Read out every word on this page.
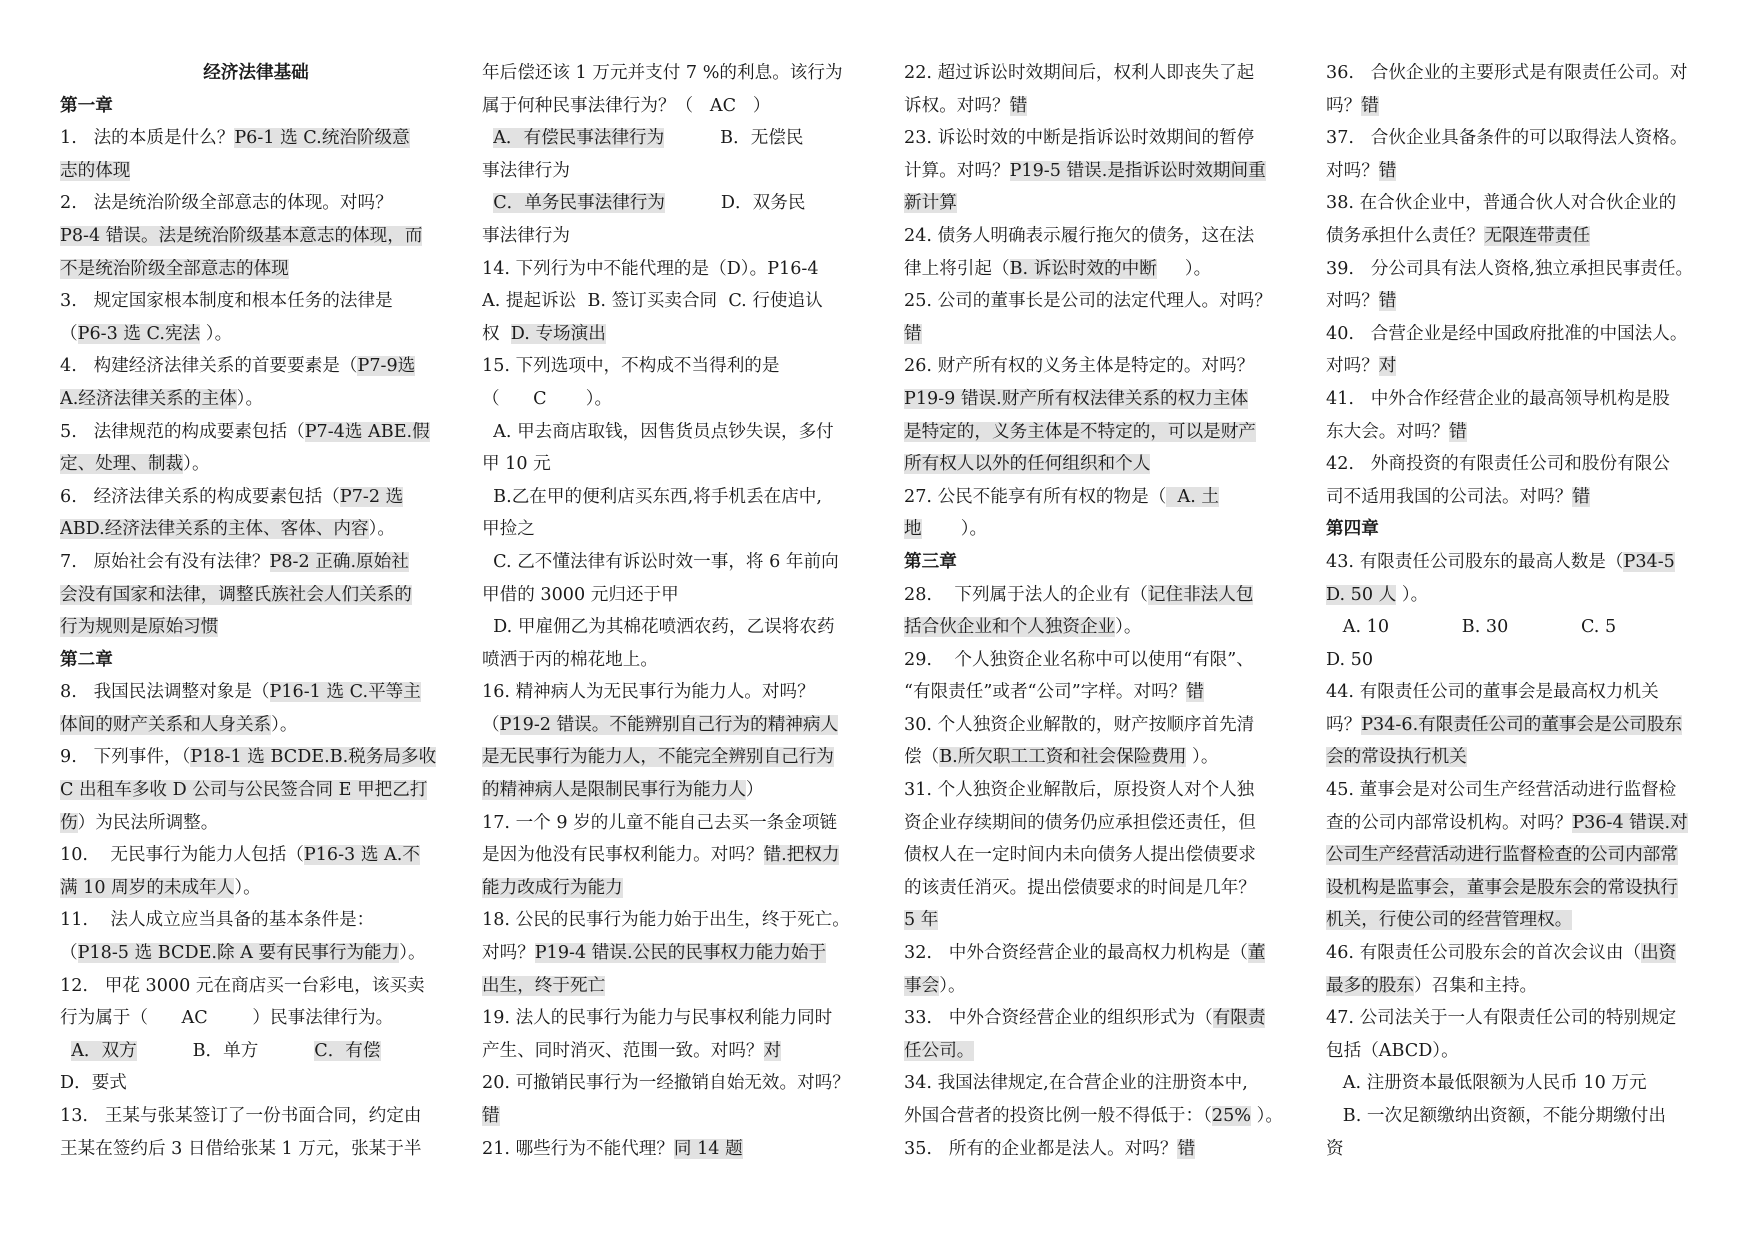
经济法律基础
第一章
1.   法的本质是什么？P6-1 选 C.统治阶级意
志的体现
2.   法是统治阶级全部意志的体现。对吗？
P8-4 错误。法是统治阶级基本意志的体现，而
不是统治阶级全部意志的体现
3.   规定国家根本制度和根本任务的法律是
（P6-3 选 C.宪法 ）。
4.   构建经济法律关系的首要要素是（P7-9选
A.经济法律关系的主体）。
5.   法律规范的构成要素包括（P7-4选 ABE.假
定、处理、制裁）。
6.   经济法律关系的构成要素包括（P7-2 选
ABD.经济法律关系的主体、客体、内容）。
7.   原始社会有没有法律？P8-2 正确.原始社
会没有国家和法律，调整氏族社会人们关系的
行为规则是原始习惯
第二章
8.   我国民法调整对象是（P16-1 选 C.平等主
体间的财产关系和人身关系）。
9.   下列事件，（P18-1 选 BCDE.B.税务局多收
C 出租车多收 D 公司与公民签合同 E 甲把乙打
伤）为民法所调整。
10.    无民事行为能力人包括（P16-3 选 A.不
满 10 周岁的未成年人）。
11.    法人成立应当具备的基本条件是：
（P18-5 选 BCDE.除 A 要有民事行为能力）。
12.   甲花 3000 元在商店买一台彩电，该买卖
行为属于（      AC        ）民事法律行为。
A．双方          B．单方          C．有偿
D．要式
13.   王某与张某签订了一份书面合同，约定由
王某在签约后 3 日借给张某 1 万元，张某于半
年后偿还该 1 万元并支付 7 %的利息。该行为
属于何种民事法律行为？（   AC   ）
A．有偿民事法律行为          B．无偿民
事法律行为
C．单务民事法律行为          D．双务民
事法律行为
14. 下列行为中不能代理的是（D）。P16-4
A. 提起诉讼  B. 签订买卖合同  C. 行使追认
权  D. 专场演出
15. 下列选项中，不构成不当得利的是
（      C       ）。
A. 甲去商店取钱，因售货员点钞失误，多付
甲 10 元
B.乙在甲的便利店买东西,将手机丢在店中,
甲捡之
C. 乙不懂法律有诉讼时效一事，将 6 年前向
甲借的 3000 元归还于甲
D. 甲雇佣乙为其棉花喷洒农药，乙误将农药
喷洒于丙的棉花地上。
16. 精神病人为无民事行为能力人。对吗？
（P19-2 错误。不能辨别自己行为的精神病人
是无民事行为能力人，不能完全辨别自己行为
的精神病人是限制民事行为能力人）
17. 一个 9 岁的儿童不能自己去买一条金项链
是因为他没有民事权利能力。对吗？错.把权力
能力改成行为能力
18. 公民的民事行为能力始于出生，终于死亡。
对吗？P19-4 错误.公民的民事权力能力始于
出生，终于死亡
19. 法人的民事行为能力与民事权利能力同时
产生、同时消灭、范围一致。对吗？对
20. 可撤销民事行为一经撤销自始无效。对吗？
错
21. 哪些行为不能代理？同 14 题
22. 超过诉讼时效期间后，权利人即丧失了起
诉权。对吗？错
23. 诉讼时效的中断是指诉讼时效期间的暂停
计算。对吗？P19-5 错误.是指诉讼时效期间重
新计算
24. 债务人明确表示履行拖欠的债务，这在法
律上将引起（B. 诉讼时效的中断     ）。
25. 公司的董事长是公司的法定代理人。对吗？
错
26. 财产所有权的义务主体是特定的。对吗？
P19-9 错误.财产所有权法律关系的权力主体
是特定的，义务主体是不特定的，可以是财产
所有权人以外的任何组织和个人
27. 公民不能享有所有权的物是（  A. 土
地       ）。
第三章
28.    下列属于法人的企业有（记住非法人包
括合伙企业和个人独资企业）。
29.    个人独资企业名称中可以使用“有限”、
“有限责任”或者“公司”字样。对吗？错
30. 个人独资企业解散的，财产按顺序首先清
偿（B.所欠职工工资和社会保险费用 ）。
31. 个人独资企业解散后，原投资人对个人独
资企业存续期间的债务仍应承担偿还责任，但
债权人在一定时间内未向债务人提出偿债要求
的该责任消灭。提出偿债要求的时间是几年？
5 年
32.   中外合资经营企业的最高权力机构是（董
事会）。
33.   中外合资经营企业的组织形式为（有限责
任公司。
34. 我国法律规定,在合营企业的注册资本中,
外国合营者的投资比例一般不得低于：（25% ）。
35.   所有的企业都是法人。对吗？错
36.   合伙企业的主要形式是有限责任公司。对
吗？错
37.   合伙企业具备条件的可以取得法人资格。
对吗？错
38. 在合伙企业中，普通合伙人对合伙企业的
债务承担什么责任？无限连带责任
39.   分公司具有法人资格,独立承担民事责任。
对吗？错
40.   合营企业是经中国政府批准的中国法人。
对吗？对
41.   中外合作经营企业的最高领导机构是股
东大会。对吗？错
42.   外商投资的有限责任公司和股份有限公
司不适用我国的公司法。对吗？错
第四章
43. 有限责任公司股东的最高人数是（P34-5
D. 50 人 ）。
A. 10             B. 30             C. 5
D. 50
44. 有限责任公司的董事会是最高权力机关
吗？P34-6.有限责任公司的董事会是公司股东
会的常设执行机关
45. 董事会是对公司生产经营活动进行监督检
查的公司内部常设机构。对吗？P36-4 错误.对
公司生产经营活动进行监督检查的公司内部常
设机构是监事会，董事会是股东会的常设执行
机关，行使公司的经营管理权。
46. 有限责任公司股东会的首次会议由（出资
最多的股东）召集和主持。
47. 公司法关于一人有限责任公司的特别规定
包括（ABCD）。
A. 注册资本最低限额为人民币 10 万元
B. 一次足额缴纳出资额，不能分期缴付出
资
